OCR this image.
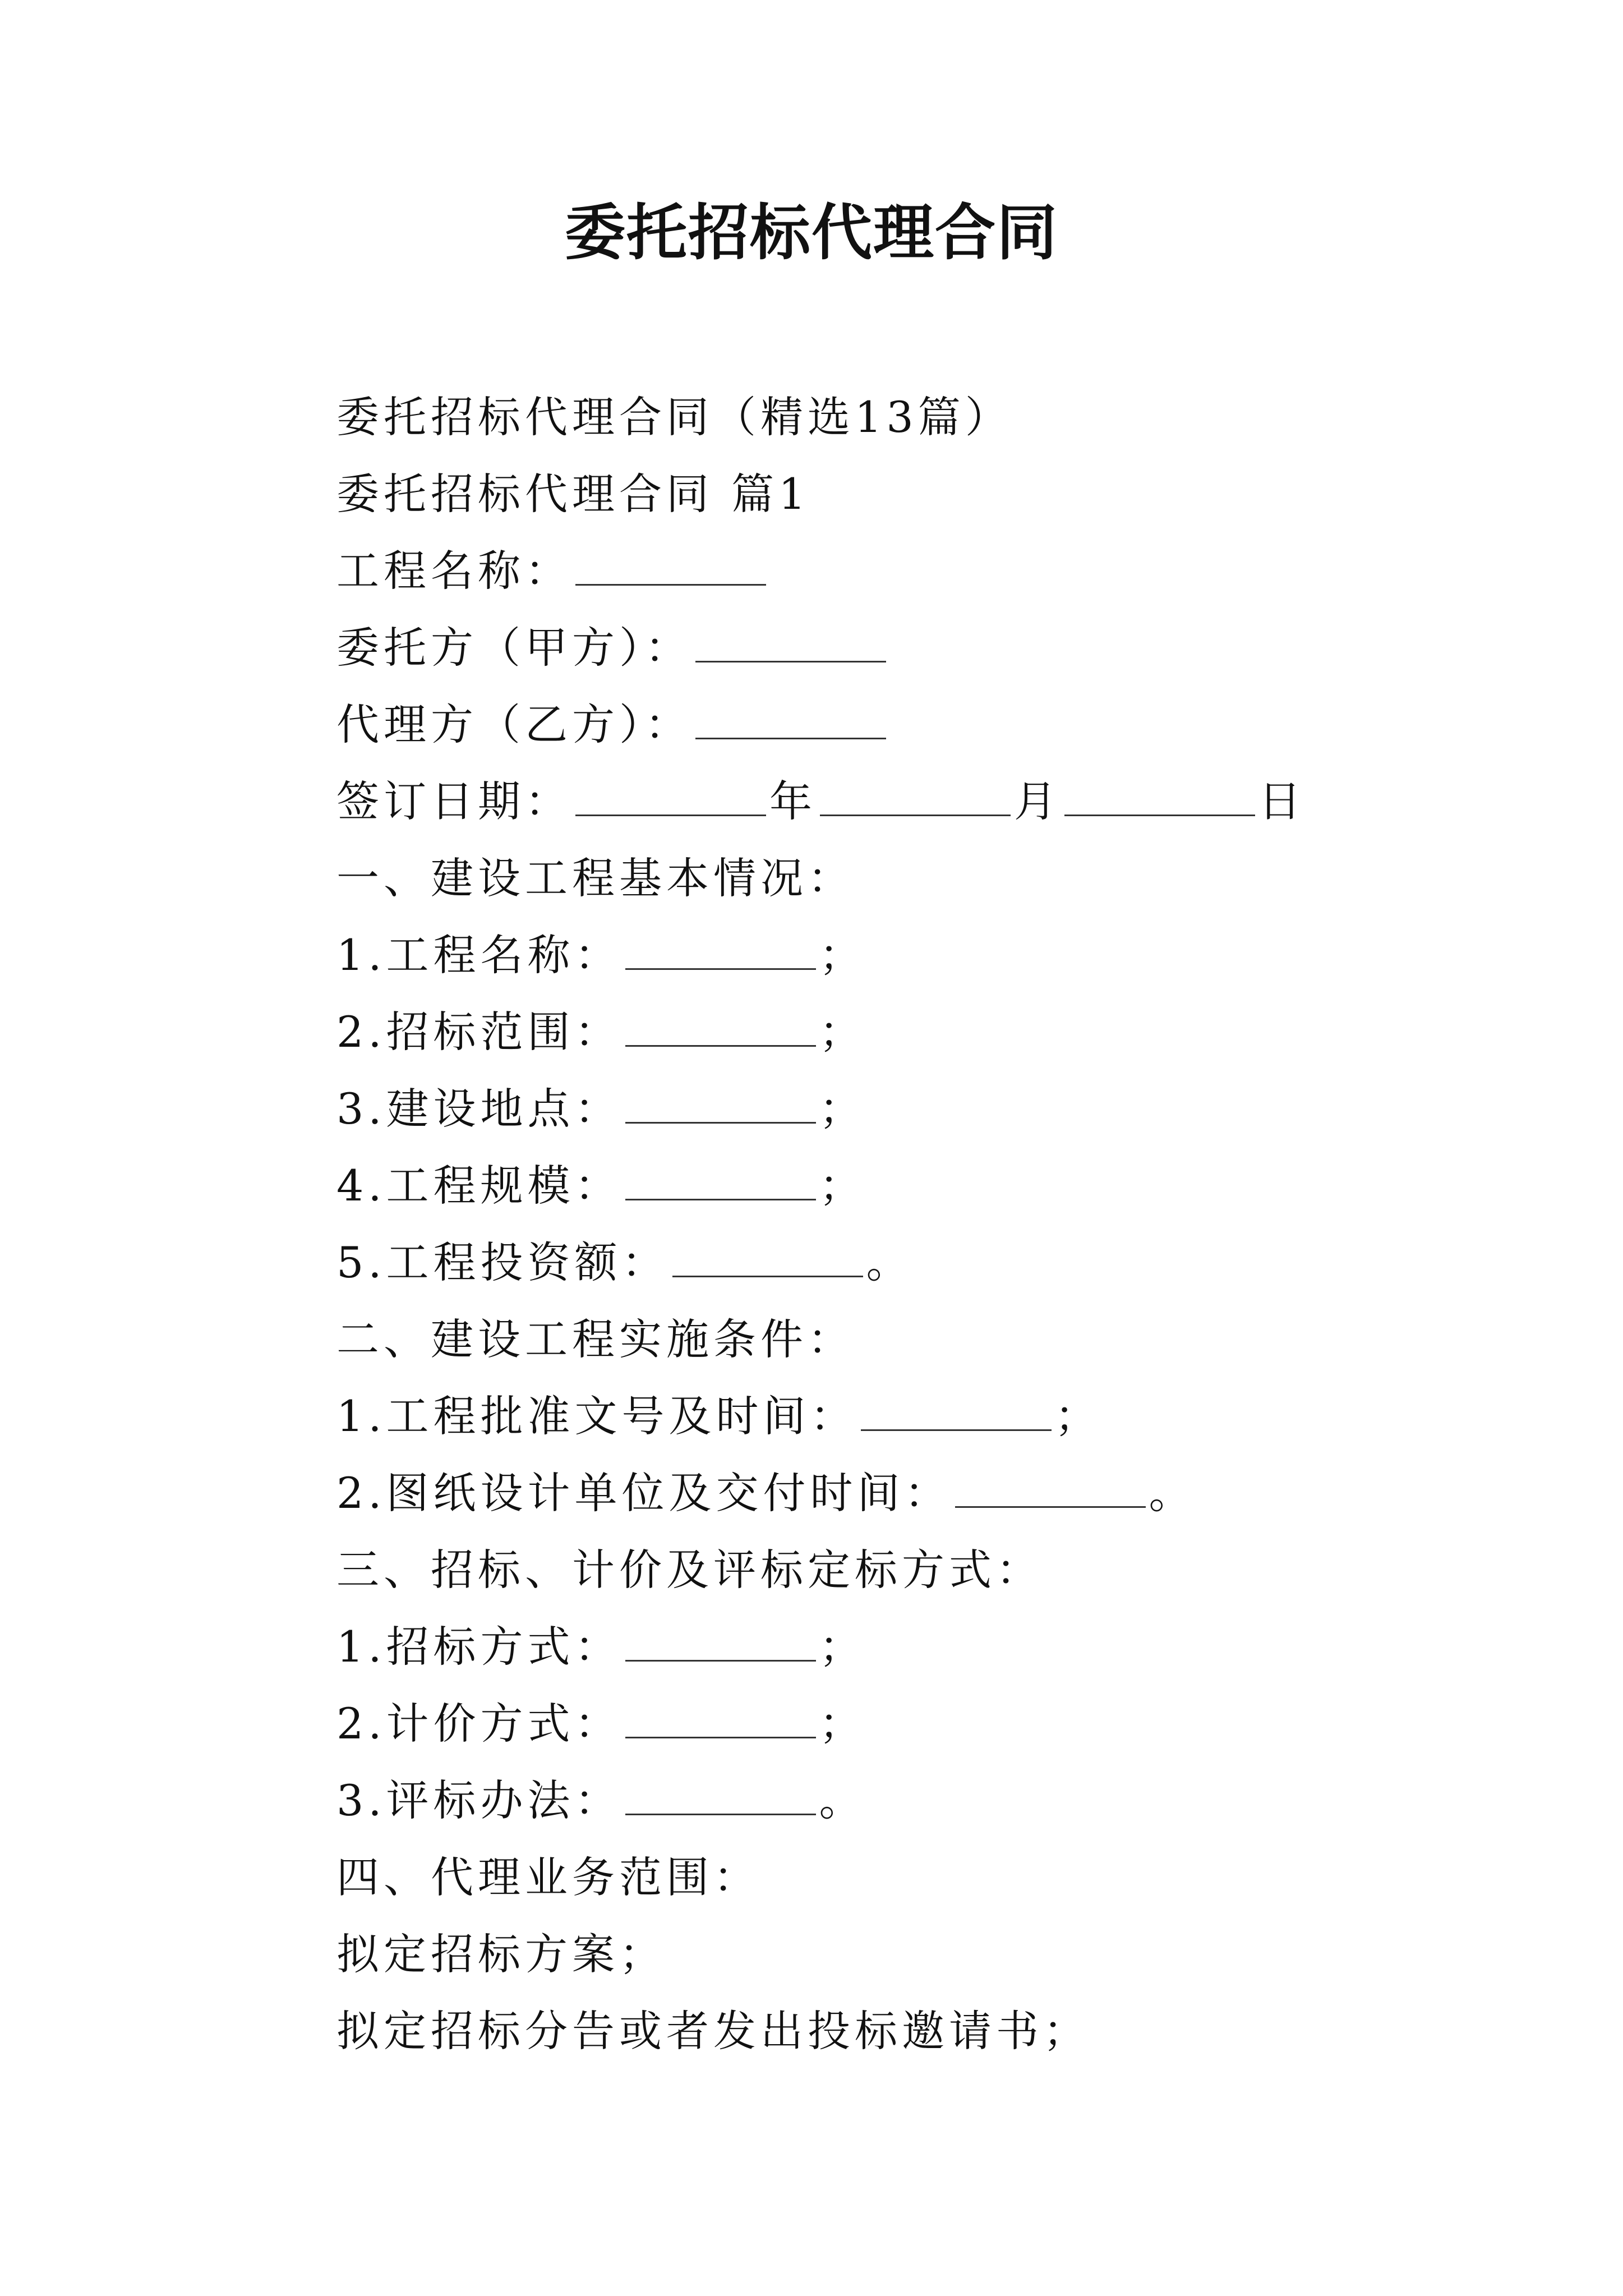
委托招标代理合同
委托招标代理合同（精选13篇）
委托招标代理合同 篇1
工程名称：
委托方（甲方）：
代理方（乙方）：
签订日期：	年	月	日
一、建设工程基本情况：
1.工程名称：	；
2.招标范围：	；
3.建设地点：	；
4.工程规模：	；
5.工程投资额：	。
二、建设工程实施条件：
1.工程批准文号及时间：	；
2.图纸设计单位及交付时间：	。
三、招标、计价及评标定标方式：
1.招标方式：	；
2.计价方式：	；
3.评标办法：	。
四、代理业务范围：
拟定招标方案；
拟定招标分告或者发出投标邀请书；
